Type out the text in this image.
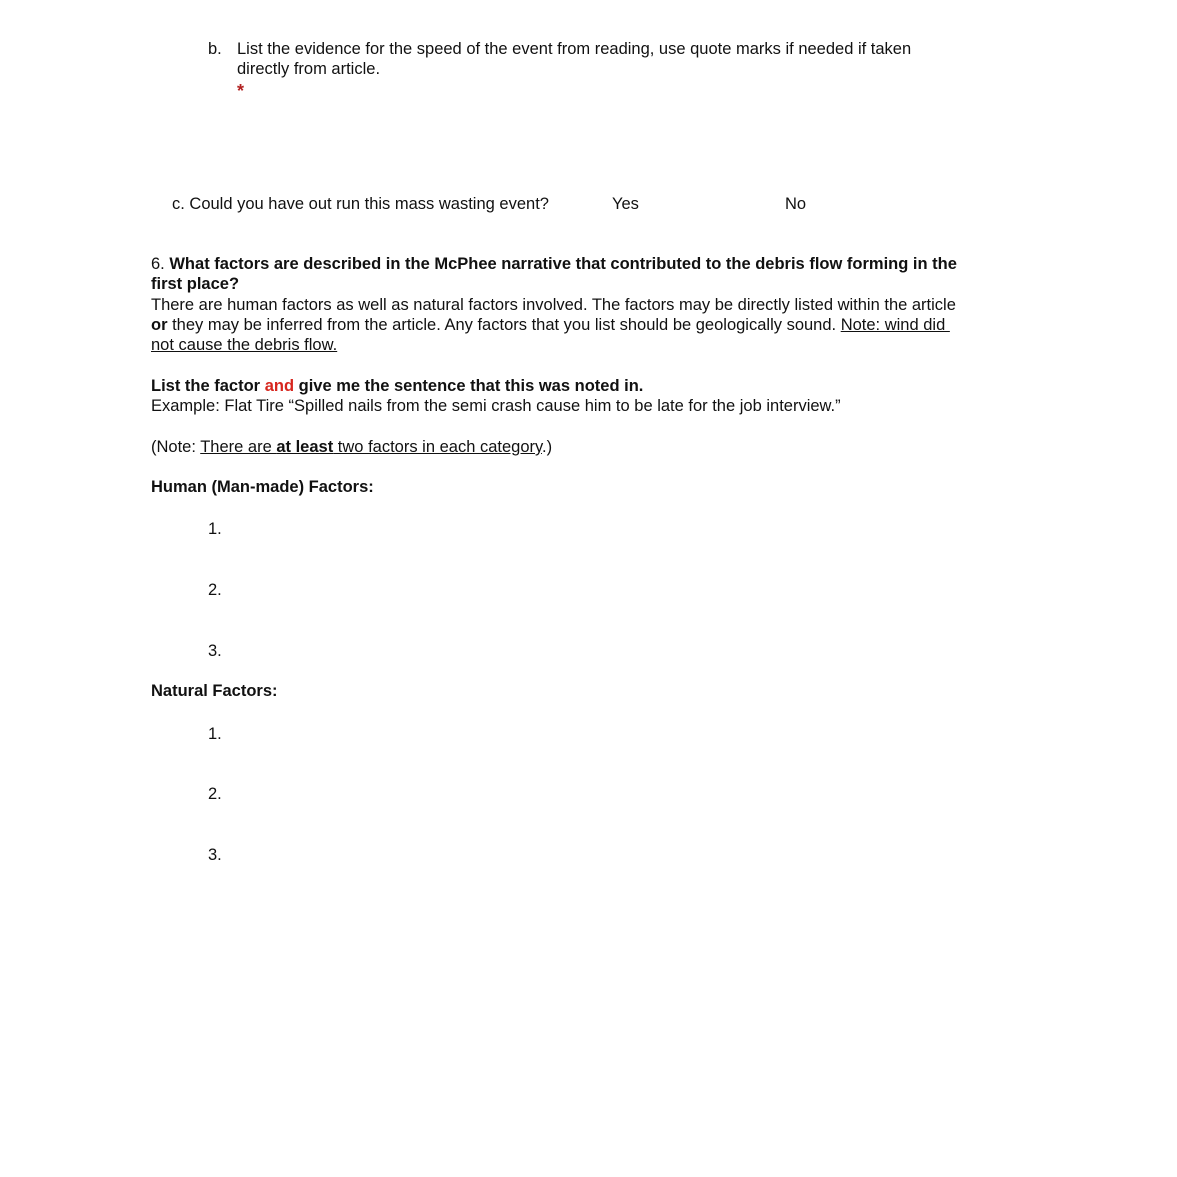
b. List the evidence for the speed of the event from reading, use quote marks if needed if taken
directly from article.
*
c. Could you have out run this mass wasting event?	Yes	No
6. What factors are described in the McPhee narrative that contributed to the debris flow forming in the
first place?
There are human factors as well as natural factors involved. The factors may be directly listed within the article
or they may be inferred from the article. Any factors that you list should be geologically sound. Note: wind did
not cause the debris flow.
List the factor and give me the sentence that this was noted in.
Example: Flat Tire “Spilled nails from the semi crash cause him to be late for the job interview.”
(Note: There are at least two factors in each category.)
Human (Man-made) Factors:
1.
2.
3.
Natural Factors:
1.
2.
3.
